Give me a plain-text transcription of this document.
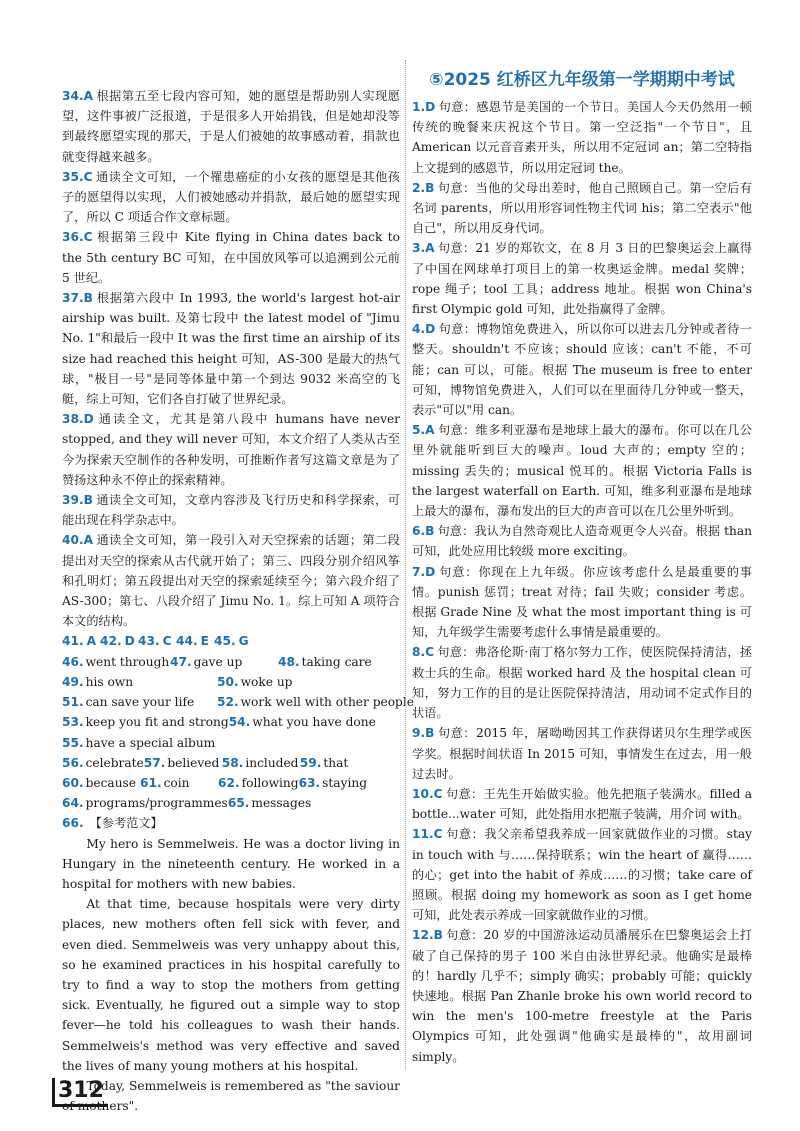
34.A 根据第五至七段内容可知，她的愿望是帮助别人实现愿望，这件事被广泛报道，于是很多人开始捐钱，但是她却没等到最终愿望实现的那天，于是人们被她的故事感动着，捐款也就变得越来越多。

35.C 通读全文可知，一个罹患癌症的小女孩的愿望是其他孩子的愿望得以实现，人们被她感动并捐款，最后她的愿望实现了，所以 C 项适合作文章标题。

36.C 根据第三段中 Kite flying in China dates back to the 5th century BC 可知，在中国放风筝可以追溯到公元前 5 世纪。

37.B 根据第六段中 In 1993, the world's largest hot-air airship was built. 及第七段中 the latest model of "Jimu No. 1"和最后一段中 It was the first time an airship of its size had reached this height 可知，AS-300 是最大的热气球，"极目一号"是同等体量中第一个到达 9032 米高空的飞艇，综上可知，它们各自打破了世界纪录。

38.D 通读全文，尤其是第八段中 humans have never stopped, and they will never 可知，本文介绍了人类从古至今为探索天空制作的各种发明，可推断作者写这篇文章是为了赞扬这种永不停止的探索精神。

39.B 通读全文可知，文章内容涉及飞行历史和科学探索，可能出现在科学杂志中。

40.A 通读全文可知，第一段引入对天空探索的话题；第二段提出对天空的探索从古代就开始了；第三、四段分别介绍风筝和孔明灯；第五段提出对天空的探索延续至今；第六段介绍了 AS-300；第七、八段介绍了 Jimu No. 1。综上可知 A 项符合本文的结构。

41. A 42. D 43. C 44. E 45. G

46. went through47. gave up	48. taking care

49. his own	50. woke up

51. can save your life 52. work well with other people

53. keep you fit and strong54. what you have done

55. have a special album

56. celebrate57. believed 58. included59. that

60. because 61. coin 62. following63. staying

64. programs/programmes65. messages

66. 【参考范文】

My hero is Semmelweis. He was a doctor living in Hungary in the nineteenth century. He worked in a hospital for mothers with new babies.

At that time, because hospitals were very dirty places, new mothers often fell sick with fever, and even died. Semmelweis was very unhappy about this, so he examined practices in his hospital carefully to try to find a way to stop the mothers from getting sick. Eventually, he figured out a simple way to stop fever—he told his colleagues to wash their hands. Semmelweis's method was very effective and saved the lives of many young mothers at his hospital.

Today, Semmelweis is remembered as "the saviour of mothers".

⑤2025 红桥区九年级第一学期期中考试

1.D 句意：感恩节是美国的一个节日。美国人今天仍然用一顿传统的晚餐来庆祝这个节日。第一空泛指"一个节日"，且 American 以元音音素开头，所以用不定冠词 an；第二空特指上文提到的感恩节，所以用定冠词 the。

2.B 句意：当他的父母出差时，他自己照顾自己。第一空后有名词 parents，所以用形容词性物主代词 his；第二空表示"他自己"，所以用反身代词。

3.A 句意：21 岁的郑钦文，在 8 月 3 日的巴黎奥运会上赢得了中国在网球单打项目上的第一枚奥运金牌。medal 奖牌；rope 绳子；tool 工具；address 地址。根据 won China's first Olympic gold 可知，此处指赢得了金牌。

4.D 句意：博物馆免费进入，所以你可以进去几分钟或者待一整天。shouldn't 不应该；should 应该；can't 不能，不可能；can 可以，可能。根据 The museum is free to enter 可知，博物馆免费进入，人们可以在里面待几分钟或一整天，表示"可以"用 can。

5.A 句意：维多利亚瀑布是地球上最大的瀑布。你可以在几公里外就能听到巨大的噪声。loud 大声的；empty 空的；missing 丢失的；musical 悦耳的。根据 Victoria Falls is the largest waterfall on Earth. 可知，维多利亚瀑布是地球上最大的瀑布，瀑布发出的巨大的声音可以在几公里外听到。

6.B 句意：我认为自然奇观比人造奇观更令人兴奋。根据 than 可知，此处应用比较级 more exciting。

7.D 句意：你现在上九年级。你应该考虑什么是最重要的事情。punish 惩罚；treat 对待；fail 失败；consider 考虑。根据 Grade Nine 及 what the most important thing is 可知，九年级学生需要考虑什么事情是最重要的。

8.C 句意：弗洛伦斯·南丁格尔努力工作，使医院保持清洁，拯救士兵的生命。根据 worked hard 及 the hospital clean 可知，努力工作的目的是让医院保持清洁，用动词不定式作目的状语。

9.B 句意：2015 年，屠呦呦因其工作获得诺贝尔生理学或医学奖。根据时间状语 In 2015 可知，事情发生在过去，用一般过去时。

10.C 句意：王先生开始做实验。他先把瓶子装满水。filled a bottle...water 可知，此处指用水把瓶子装满，用介词 with。

11.C 句意：我父亲希望我养成一回家就做作业的习惯。stay in touch with 与……保持联系；win the heart of 赢得……的心；get into the habit of 养成……的习惯；take care of 照顾。根据 doing my homework as soon as I get home 可知，此处表示养成一回家就做作业的习惯。

12.B 句意：20 岁的中国游泳运动员潘展乐在巴黎奥运会上打破了自己保持的男子 100 米自由泳世界纪录。他确实是最棒的！hardly 几乎不；simply 确实；probably 可能；quickly 快速地。根据 Pan Zhanle broke his own world record to win the men's 100-metre freestyle at the Paris Olympics 可知，此处强调"他确实是最棒的"，故用副词 simply。

312
